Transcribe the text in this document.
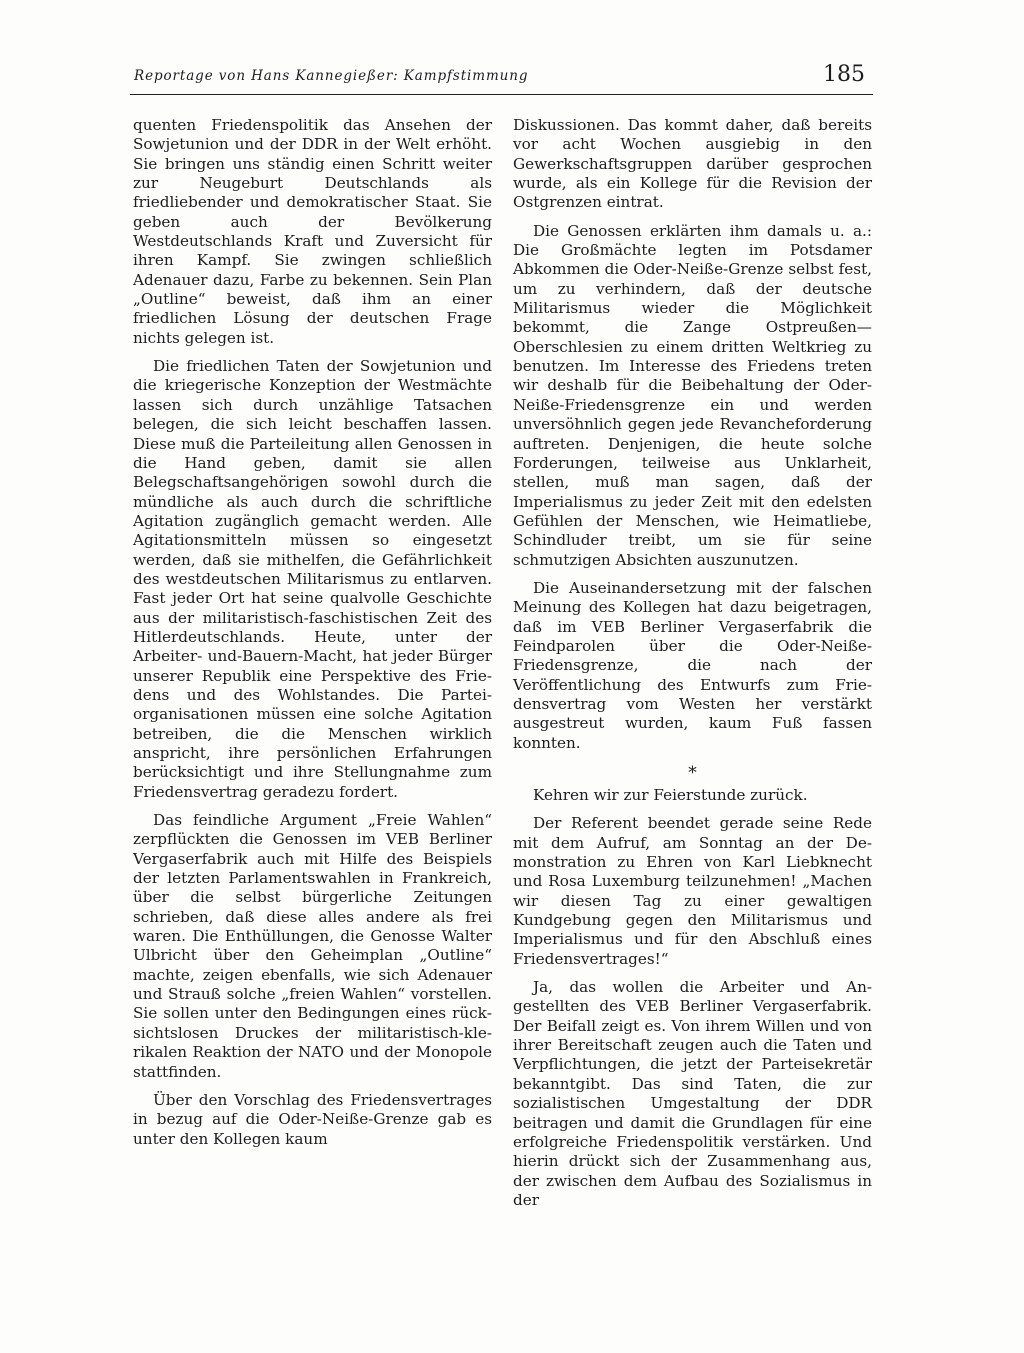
Reportage von Hans Kannegießer: Kampfstimmung	185

quenten Friedenspolitik das Ansehen der Sowjetunion und der DDR in der Welt erhöht. Sie bringen uns ständig einen Schritt weiter zur Neugeburt Deutschlands als friedliebender und demokratischer Staat. Sie geben auch der Bevölkerung Westdeutschlands Kraft und Zuversicht für ihren Kampf. Sie zwingen schließlich Adenauer dazu, Farbe zu bekennen. Sein Plan „Outline“ beweist, daß ihm an einer friedlichen Lösung der deutschen Frage nichts gelegen ist.

Die friedlichen Taten der Sowjetunion und die kriegerische Konzeption der Westmächte lassen sich durch unzählige Tatsachen belegen, die sich leicht beschaffen lassen. Diese muß die Parteileitung allen Genossen in die Hand geben, damit sie allen Belegschaftsangehörigen sowohl durch die mündliche als auch durch die schriftliche Agitation zugänglich gemacht werden. Alle Agitationsmitteln müssen so eingesetzt werden, daß sie mithelfen, die Gefährlichkeit des westdeutschen Militarismus zu entlarven. Fast jeder Ort hat seine qualvolle Geschichte aus der militaristisch-faschistischen Zeit des Hitlerdeutschlands. Heute, unter der Arbeiter- und-Bauern-Macht, hat jeder Bürger unserer Republik eine Perspektive des Friedens und des Wohlstandes. Die Parteiorganisationen müssen eine solche Agitation betreiben, die die Menschen wirklich anspricht, ihre persönlichen Erfahrungen berücksichtigt und ihre Stellungnahme zum Friedensvertrag geradezu fordert.

Das feindliche Argument „Freie Wahlen“ zerpflückten die Genossen im VEB Berliner Vergaserfabrik auch mit Hilfe des Beispiels der letzten Parlamentswahlen in Frankreich, über die selbst bürgerliche Zeitungen schrieben, daß diese alles andere als frei waren. Die Enthüllungen, die Genosse Walter Ulbricht über den Geheimplan „Outline“ machte, zeigen ebenfalls, wie sich Adenauer und Strauß solche „freien Wahlen“ vorstellen. Sie sollen unter den Bedingungen eines rücksichtslosen Druckes der militaristisch-klerikalen Reaktion der NATO und der Monopole stattfinden.

Über den Vorschlag des Friedensvertrages in bezug auf die Oder-Neiße-Grenze gab es unter den Kollegen kaum

Diskussionen. Das kommt daher, daß bereits vor acht Wochen ausgiebig in den Gewerkschaftsgruppen darüber gesprochen wurde, als ein Kollege für die Revision der Ostgrenzen eintrat.

Die Genossen erklärten ihm damals u. a.: Die Großmächte legten im Potsdamer Abkommen die Oder-Neiße-Grenze selbst fest, um zu verhindern, daß der deutsche Militarismus wieder die Möglichkeit bekommt, die Zange Ostpreußen—Oberschlesien zu einem dritten Weltkrieg zu benutzen. Im Interesse des Friedens treten wir deshalb für die Beibehaltung der Oder-Neiße-Friedensgrenze ein und werden unversöhnlich gegen jede Revancheforderung auftreten. Denjenigen, die heute solche Forderungen, teilweise aus Unklarheit, stellen, muß man sagen, daß der Imperialismus zu jeder Zeit mit den edelsten Gefühlen der Menschen, wie Heimatliebe, Schindluder treibt, um sie für seine schmutzigen Absichten auszunutzen.

Die Auseinandersetzung mit der falschen Meinung des Kollegen hat dazu beigetragen, daß im VEB Berliner Vergaserfabrik die Feindparolen über die Oder-Neiße-Friedensgrenze, die nach der Veröffentlichung des Entwurfs zum Friedensvertrag vom Westen her verstärkt ausgestreut wurden, kaum Fuß fassen konnten.

*

Kehren wir zur Feierstunde zurück.

Der Referent beendet gerade seine Rede mit dem Aufruf, am Sonntag an der Demonstration zu Ehren von Karl Liebknecht und Rosa Luxemburg teilzunehmen! „Machen wir diesen Tag zu einer gewaltigen Kundgebung gegen den Militarismus und Imperialismus und für den Abschluß eines Friedensvertrages!“

Ja, das wollen die Arbeiter und Angestellten des VEB Berliner Vergaserfabrik. Der Beifall zeigt es. Von ihrem Willen und von ihrer Bereitschaft zeugen auch die Taten und Verpflichtungen, die jetzt der Parteisekretär bekanntgibt. Das sind Taten, die zur sozialistischen Umgestaltung der DDR beitragen und damit die Grundlagen für eine erfolgreiche Friedenspolitik verstärken. Und hierin drückt sich der Zusammenhang aus, der zwischen dem Aufbau des Sozialismus in der
